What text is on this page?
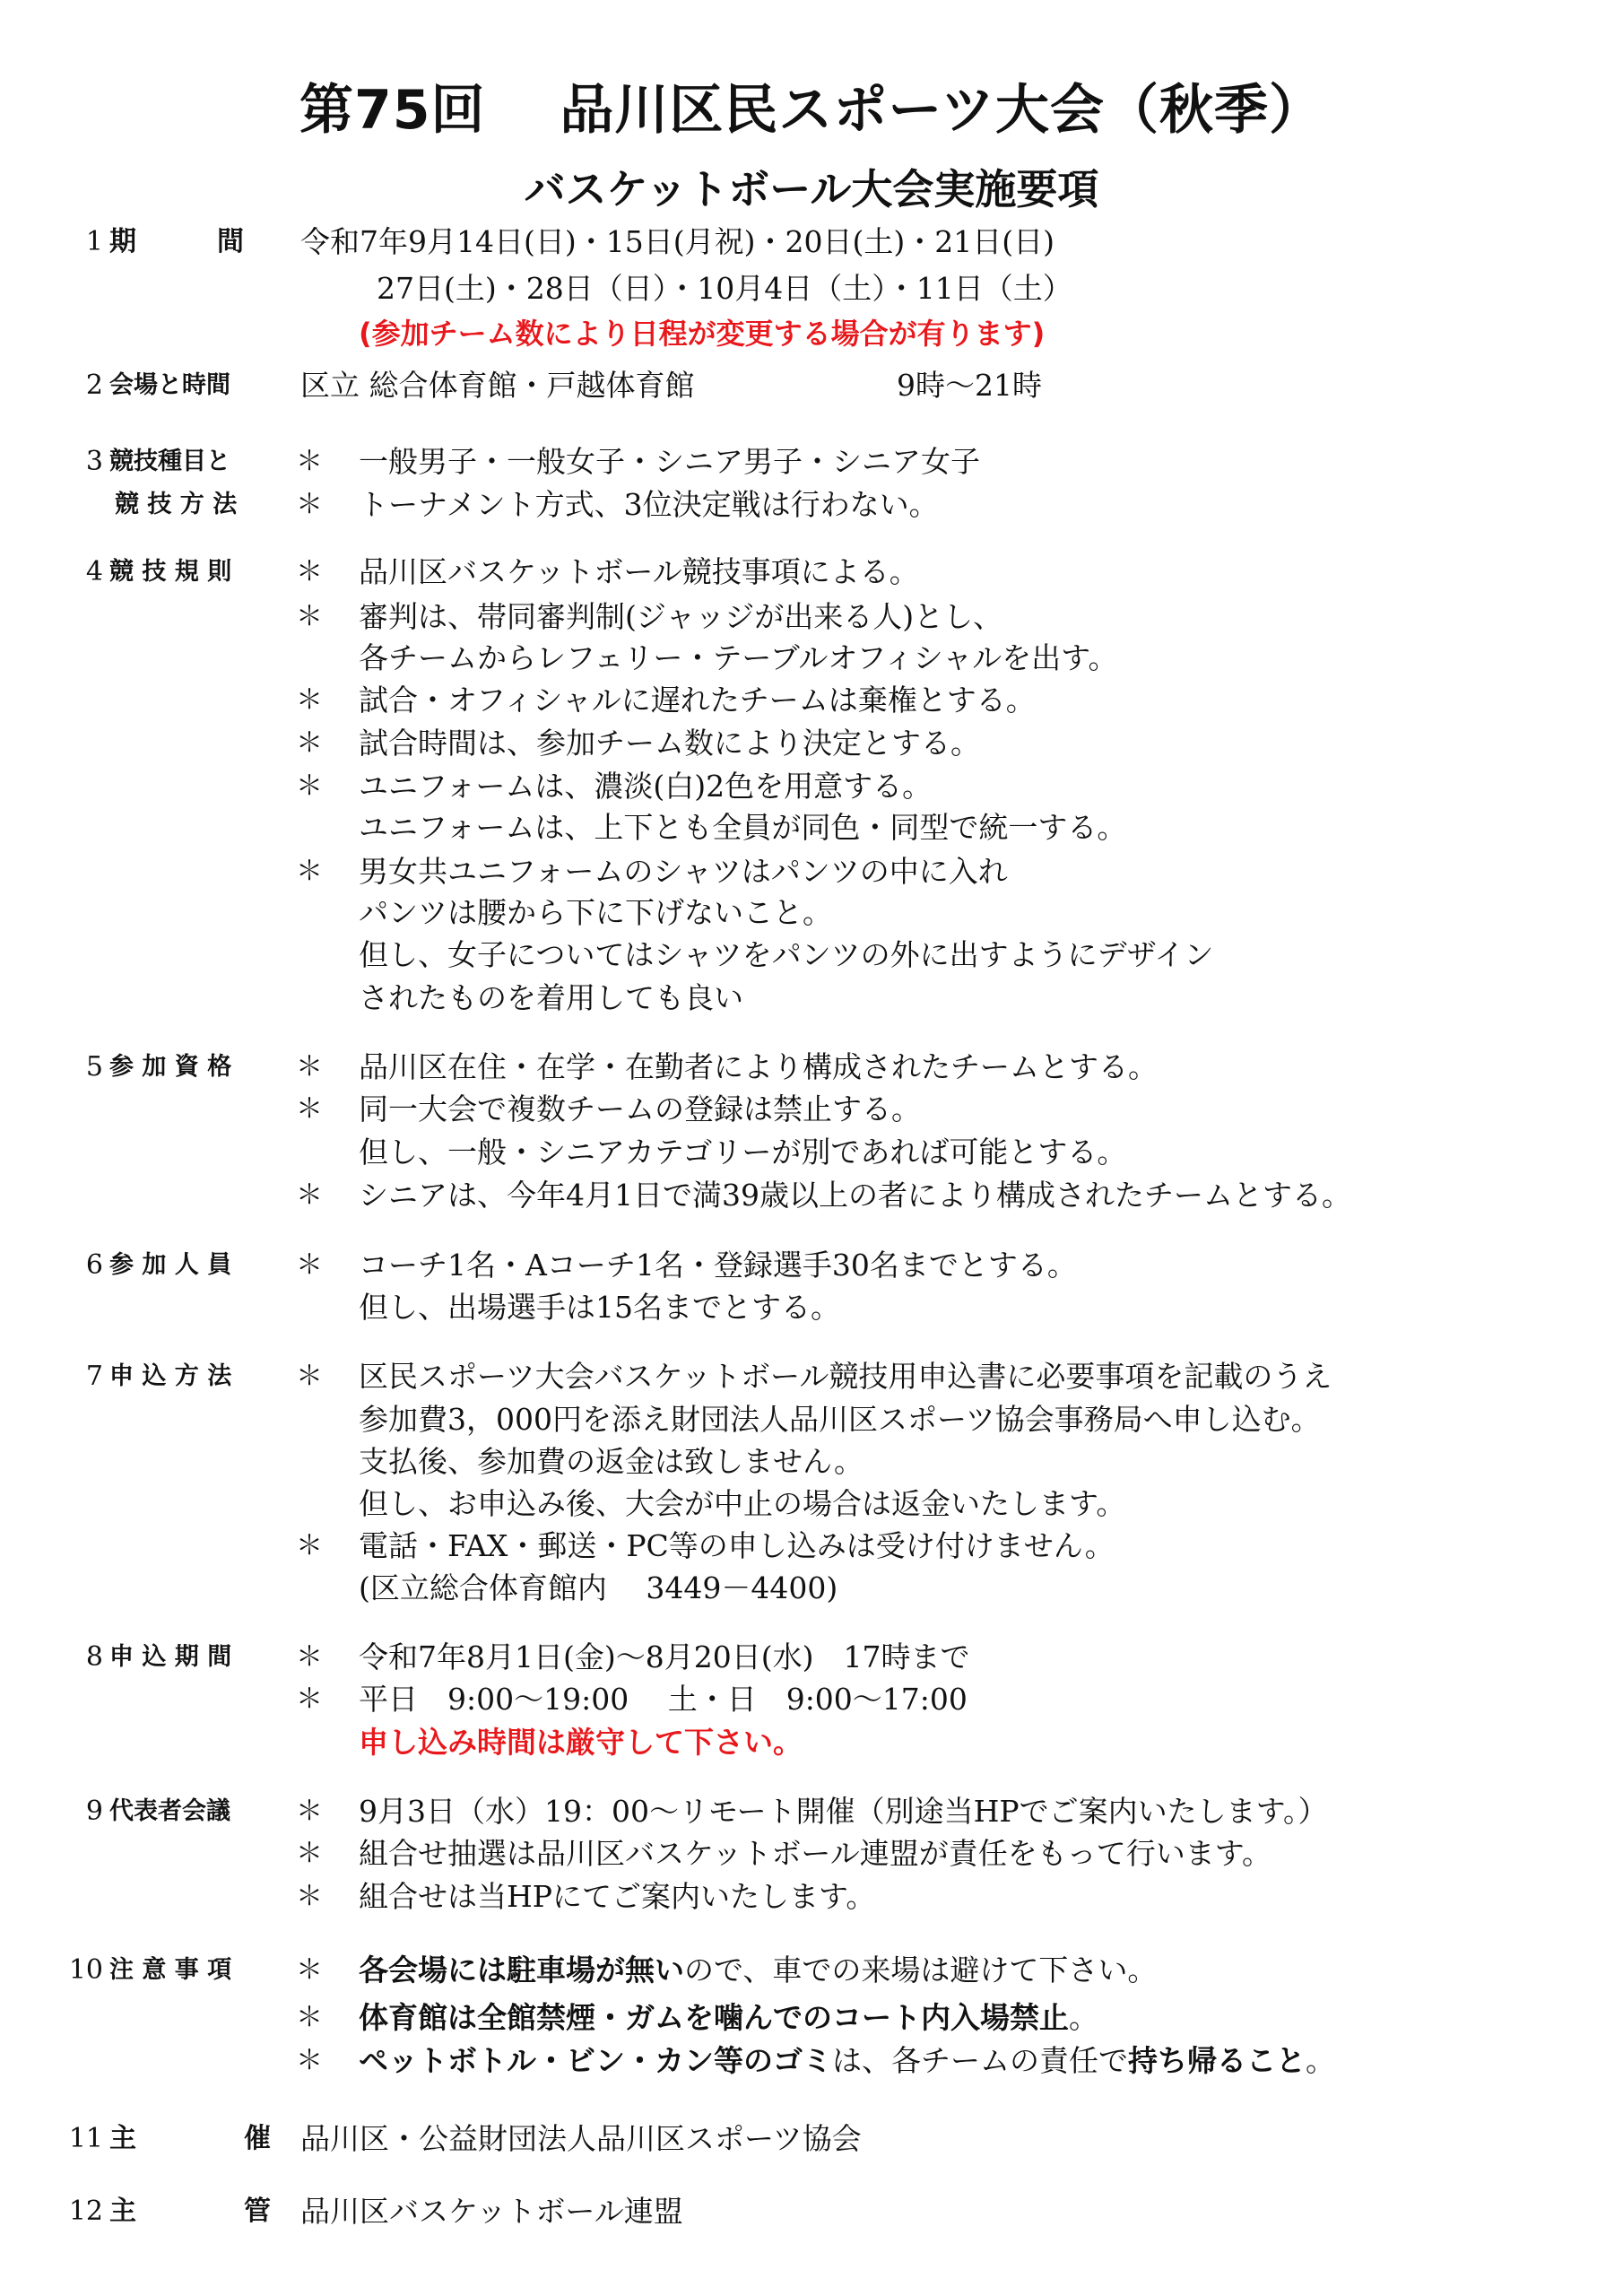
第75回　 品川区民スポーツ大会（秋季）
バスケットボール大会実施要項
1 期　　　間 令和7年9月14日(日)・15日(月祝)・20日(土)・21日(日)
27日(土)・28日（日）・10月4日（土）・11日（土）
(参加チーム数により日程が変更する場合が有ります)
2 会場と時間 区立 総合体育館・戸越体育館	9時～21時
3 競技種目と ＊ 一般男子・一般女子・シニア男子・シニア女子
競 技 方 法 ＊ トーナメント方式、3位決定戦は行わない。
4 競 技 規 則 ＊ 品川区バスケットボール競技事項による。
＊ 審判は、帯同審判制(ジャッジが出来る人)とし、
各チームからレフェリー・テーブルオフィシャルを出す。
＊ 試合・オフィシャルに遅れたチームは棄権とする。
＊ 試合時間は、参加チーム数により決定とする。
＊ ユニフォームは、濃淡(白)2色を用意する。
ユニフォームは、上下とも全員が同色・同型で統一する。
＊ 男女共ユニフォームのシャツはパンツの中に入れ
パンツは腰から下に下げないこと。
但し、女子についてはシャツをパンツの外に出すようにデザイン
されたものを着用しても良い
5 参 加 資 格 ＊ 品川区在住・在学・在勤者により構成されたチームとする。
＊ 同一大会で複数チームの登録は禁止する。
但し、一般・シニアカテゴリーが別であれば可能とする。
＊ シニアは、今年4月1日で満39歳以上の者により構成されたチームとする。
6 参 加 人 員 ＊ コーチ1名・Aコーチ1名・登録選手30名までとする。
但し、出場選手は15名までとする。
7 申 込 方 法 ＊ 区民スポーツ大会バスケットボール競技用申込書に必要事項を記載のうえ
参加費3，000円を添え財団法人品川区スポーツ協会事務局へ申し込む。
支払後、参加費の返金は致しません。
但し、お申込み後、大会が中止の場合は返金いたします。
＊ 電話・FAX・郵送・PC等の申し込みは受け付けません。
(区立総合体育館内　 3449－4400)
8 申 込 期 間 ＊ 令和7年8月1日(金)～8月20日(水)　17時まで
＊ 平日　9:00～19:00　 土・日　9:00～17:00
申し込み時間は厳守して下さい。
9 代表者会議 ＊ 9月3日（水）19：00～リモート開催（別途当HPでご案内いたします。）
＊ 組合せ抽選は品川区バスケットボール連盟が責任をもって行います。
＊ 組合せは当HPにてご案内いたします。
10 注 意 事 項 ＊ 各会場には駐車場が無いので、車での来場は避けて下さい。
＊ 体育館は全館禁煙・ガムを噛んでのコート内入場禁止。
＊ ペットボトル・ビン・カン等のゴミは、各チームの責任で持ち帰ること。
11 主	催 品川区・公益財団法人品川区スポーツ協会
12 主	管 品川区バスケットボール連盟
